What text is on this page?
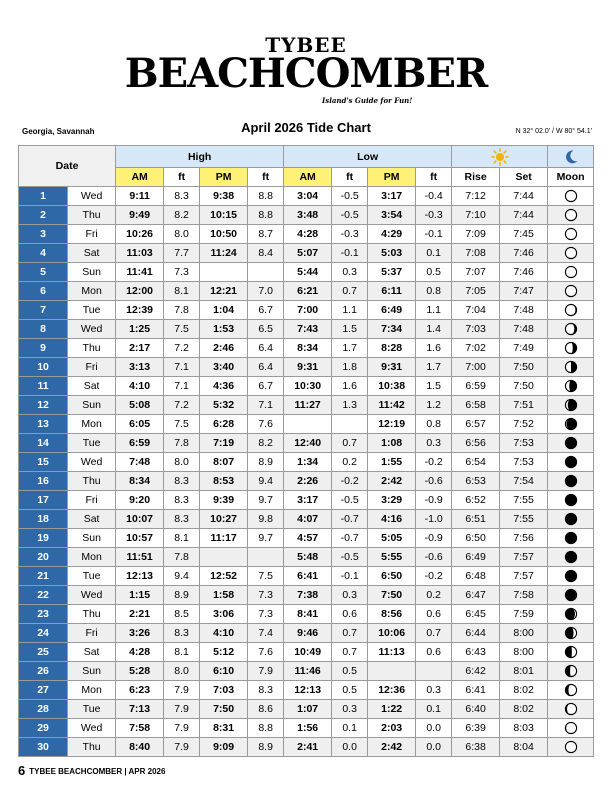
TYBEE
BEACHCOMBER
Island's Guide for Fun!
Georgia, Savannah	April 2026 Tide Chart	N 32° 02.0' / W 80° 54.1'
Date		High				Low		
		AM	ft	PM	ft	AM	ft	PM	ft	Rise	Set	Moon
1	Wed	9:11	8.3	9:38	8.8	3:04	-0.5	3:17	-0.4	7:12	7:44	
2	Thu	9:49	8.2	10:15	8.8	3:48	-0.5	3:54	-0.3	7:10	7:44	
3	Fri	10:26	8.0	10:50	8.7	4:28	-0.3	4:29	-0.1	7:09	7:45	
4	Sat	11:03	7.7	11:24	8.4	5:07	-0.1	5:03	0.1	7:08	7:46	
5	Sun	11:41	7.3			5:44	0.3	5:37	0.5	7:07	7:46	
6	Mon	12:00	8.1	12:21	7.0	6:21	0.7	6:11	0.8	7:05	7:47	
7	Tue	12:39	7.8	1:04	6.7	7:00	1.1	6:49	1.1	7:04	7:48	
8	Wed	1:25	7.5	1:53	6.5	7:43	1.5	7:34	1.4	7:03	7:48	
9	Thu	2:17	7.2	2:46	6.4	8:34	1.7	8:28	1.6	7:02	7:49	
10	Fri	3:13	7.1	3:40	6.4	9:31	1.8	9:31	1.7	7:00	7:50	
11	Sat	4:10	7.1	4:36	6.7	10:30	1.6	10:38	1.5	6:59	7:50	
12	Sun	5:08	7.2	5:32	7.1	11:27	1.3	11:42	1.2	6:58	7:51	
13	Mon	6:05	7.5	6:28	7.6			12:19	0.8	6:57	7:52	
14	Tue	6:59	7.8	7:19	8.2	12:40	0.7	1:08	0.3	6:56	7:53	
15	Wed	7:48	8.0	8:07	8.9	1:34	0.2	1:55	-0.2	6:54	7:53	
16	Thu	8:34	8.3	8:53	9.4	2:26	-0.2	2:42	-0.6	6:53	7:54	
17	Fri	9:20	8.3	9:39	9.7	3:17	-0.5	3:29	-0.9	6:52	7:55	
18	Sat	10:07	8.3	10:27	9.8	4:07	-0.7	4:16	-1.0	6:51	7:55	
19	Sun	10:57	8.1	11:17	9.7	4:57	-0.7	5:05	-0.9	6:50	7:56	
20	Mon	11:51	7.8			5:48	-0.5	5:55	-0.6	6:49	7:57	
21	Tue	12:13	9.4	12:52	7.5	6:41	-0.1	6:50	-0.2	6:48	7:57	
22	Wed	1:15	8.9	1:58	7.3	7:38	0.3	7:50	0.2	6:47	7:58	
23	Thu	2:21	8.5	3:06	7.3	8:41	0.6	8:56	0.6	6:45	7:59	
24	Fri	3:26	8.3	4:10	7.4	9:46	0.7	10:06	0.7	6:44	8:00	
25	Sat	4:28	8.1	5:12	7.6	10:49	0.7	11:13	0.6	6:43	8:00	
26	Sun	5:28	8.0	6:10	7.9	11:46	0.5			6:42	8:01	
27	Mon	6:23	7.9	7:03	8.3	12:13	0.5	12:36	0.3	6:41	8:02	
28	Tue	7:13	7.9	7:50	8.6	1:07	0.3	1:22	0.1	6:40	8:02	
29	Wed	7:58	7.9	8:31	8.8	1:56	0.1	2:03	0.0	6:39	8:03	
30	Thu	8:40	7.9	9:09	8.9	2:41	0.0	2:42	0.0	6:38	8:04	
6 TYBEE BEACHCOMBER | APR 2026
